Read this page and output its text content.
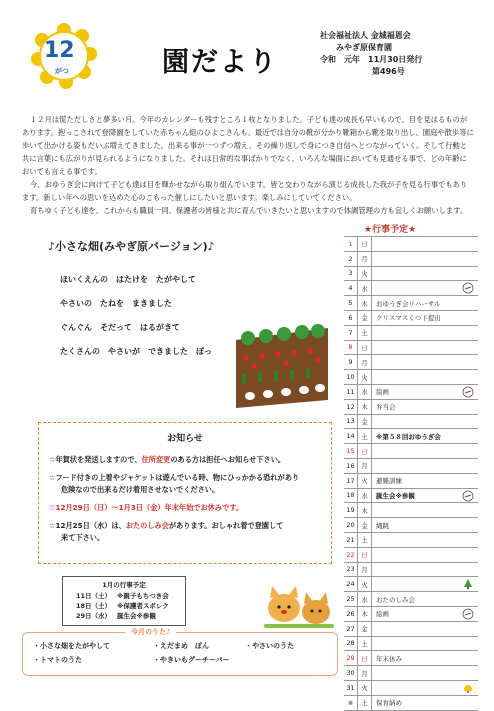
12
がつ	園だより
社会福祉法人 金城福恩会
みやぎ原保育園
令和　元年　11月30日発行
第496号

１２月は慌ただしさと夢多い月。今年のカレンダーも残すところ１枚となりました。子ども達の成長も早いもので、目を見はるものがあります。抱っこされて登降園をしていた赤ちゃん組のひよこさんも、最近では自分の靴が分かり靴箱から靴を取り出し、園庭や散歩等に歩いて出かける姿もだいぶ増えてきました。出来る事が一つずつ増え、その繰り返しで身につき自信へとつながっていく。そして行動と共に言葉にも広がりが見られるようになりました。それは日常的な事ばかりでなく、いろんな場面においても見通せる事で、どの年齢においても言える事です。

今、おゆうぎ会に向けて子ども達は目を輝かせながら取り組んでいます。皆と交わりながら演じる成長した我が子を見る行事でもあります。新しい年への思いを込めた心のこもった催しにしたいと思います。楽しみにしていてください。

育ちゆく子ども達を、これからも職員一同、保護者の皆様と共に育んでいきたいと思いますので体調管理の方も宜しくお願いします。

♪小さな畑(みやぎ原バージョン)♪
ほいくえんの　はたけを　たがやして
やさいの　たねを　まきました
ぐんぐん　そだって　はるがきて
たくさんの　やさいが　できました　ぽっ
お知らせ
☆年賀状を発送しますので、住所変更のある方は担任へお知らせ下さい。
☆フード付きの上着やジャケットは遊んでいる時、物にひっかかる恐れがあり
危険なので出来るだけ着用させないでください。
☆12月29日（日）～1月3日（金）年末年始でお休みです。
☆12月25日（水）は、おたのしみ会があります。おしゃれ着で登園して
来て下さい。
1月の行事予定
11日（土） ※親子もちつき会
18日（土） ※保護者スポレク
29日（水） 誕生会※参観
今月のうた♪
・小さな畑をたがやして	・えだまめ　ぽん	・やさいのうた
・トマトのうた	・やきいもグーチーパー
★行事予定★
1	日
2	月
3	火
4	水
5	木	おゆうぎ会リハーサル
6	金	クリスマスくつ下提出
7	土
8	日
9	月
10	火
11	水	絵画
12	木	弁当会
13	金
14	土	※第５８回おゆうぎ会
15	日
16	月
17	火	避難訓練
18	水	誕生会※参観
19	木
20	金	縄跳
21	土
22	日
23	月
24	火
25	水	おたのしみ会
26	木	絵画
27	金
28	土
29	日	年末休み
30	月
31	火
※	土	保育納め
